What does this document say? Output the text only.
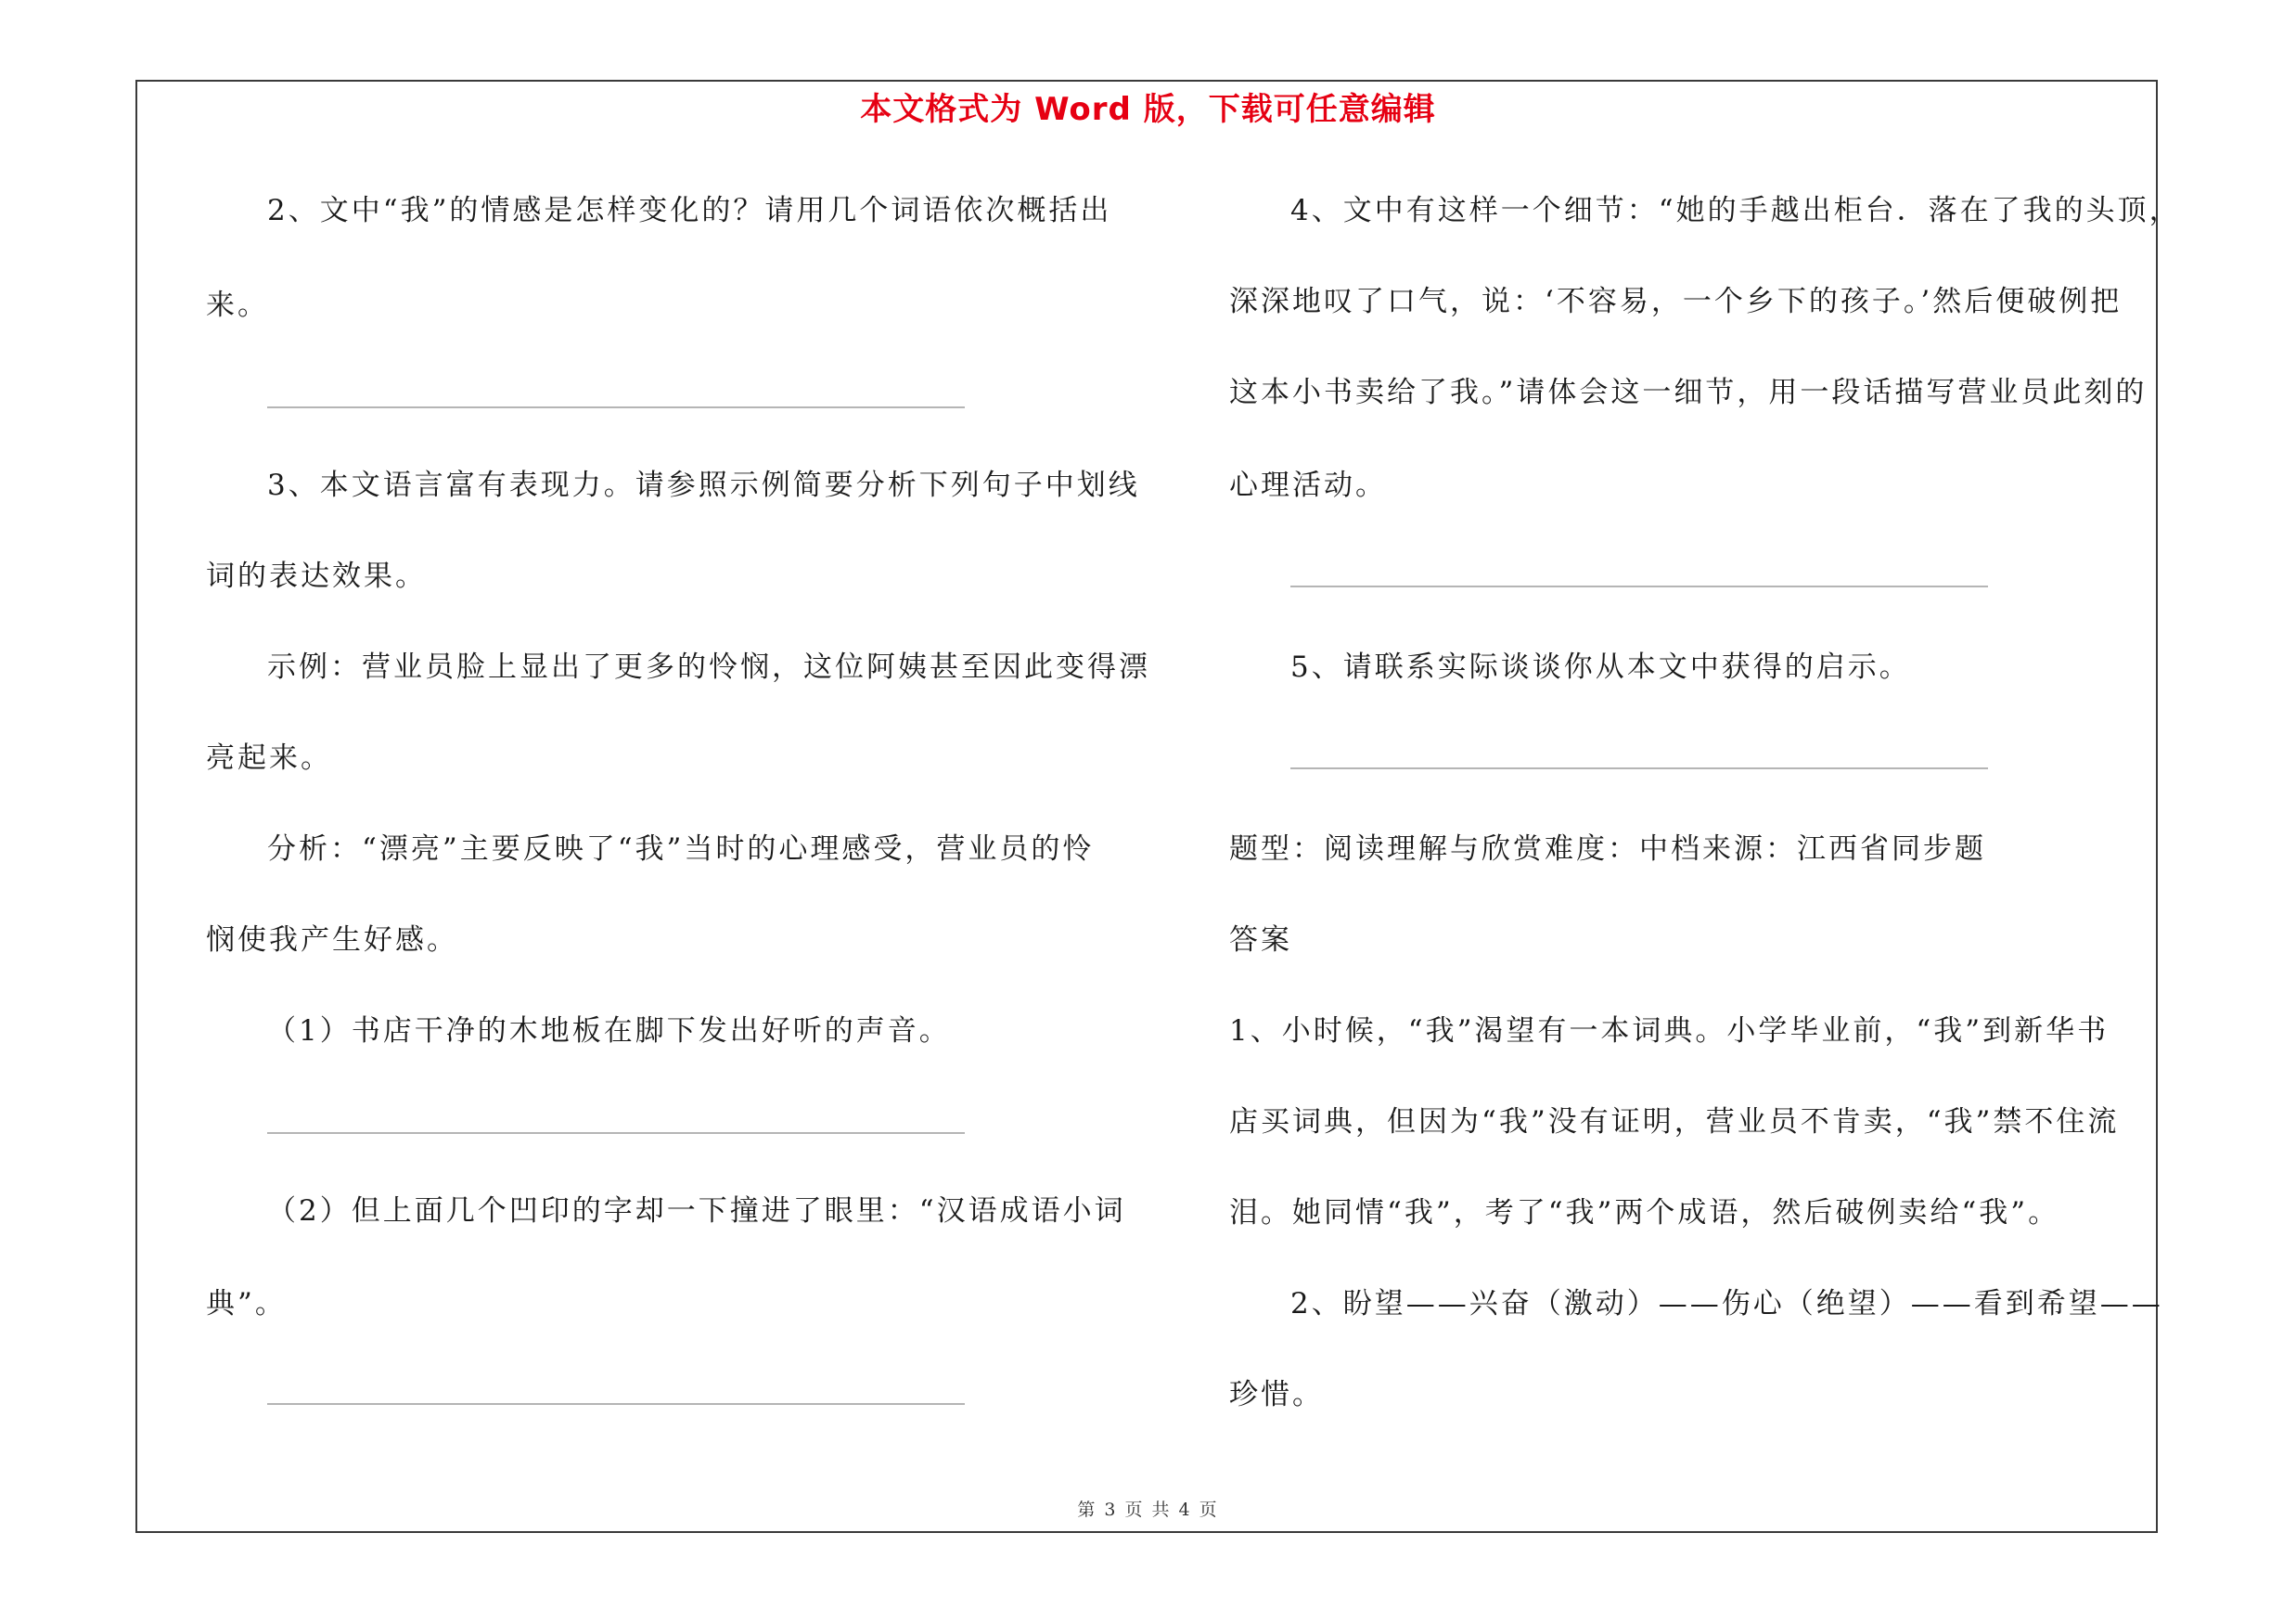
本文格式为 Word 版，下载可任意编辑
2、文中“我”的情感是怎样变化的？请用几个词语依次概括出
来。
3、本文语言富有表现力。请参照示例简要分析下列句子中划线
词的表达效果。
示例：营业员脸上显出了更多的怜悯，这位阿姨甚至因此变得漂
亮起来。
分析：“漂亮”主要反映了“我”当时的心理感受，营业员的怜
悯使我产生好感。
（1）书店干净的木地板在脚下发出好听的声音。
（2）但上面几个凹印的字却一下撞进了眼里：“汉语成语小词
典”。
4、文中有这样一个细节：“她的手越出柜台．落在了我的头顶，
深深地叹了口气，说：‘不容易，一个乡下的孩子。’然后便破例把
这本小书卖给了我。”请体会这一细节，用一段话描写营业员此刻的
心理活动。
5、请联系实际谈谈你从本文中获得的启示。
题型：阅读理解与欣赏难度：中档来源：江西省同步题
答案
1、小时候，“我”渴望有一本词典。小学毕业前，“我”到新华书
店买词典，但因为“我”没有证明，营业员不肯卖，“我”禁不住流
泪。她同情“我”，考了“我”两个成语，然后破例卖给“我”。
2、盼望——兴奋（激动）——伤心（绝望）——看到希望——
珍惜。
第 3 页 共 4 页
